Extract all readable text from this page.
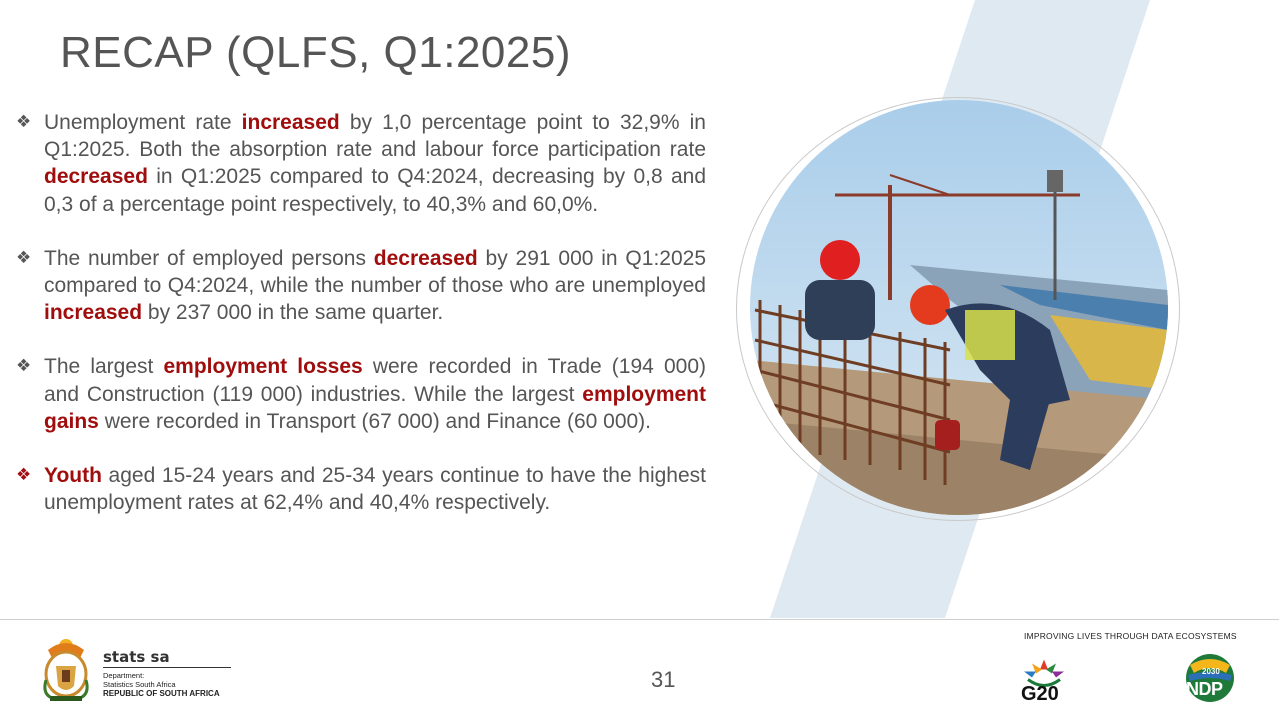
RECAP (QLFS, Q1:2025)
❖ Unemployment rate increased by 1,0 percentage point to 32,9% in Q1:2025. Both the absorption rate and labour force participation rate decreased in Q1:2025 compared to Q4:2024, decreasing by 0,8 and 0,3 of a percentage point respectively, to 40,3% and 60,0%.

❖ The number of employed persons decreased by 291 000 in Q1:2025 compared to Q4:2024, while the number of those who are unemployed increased by 237 000 in the same quarter.

❖ The largest employment losses were recorded in Trade (194 000) and Construction (119 000) industries. While the largest employment gains were recorded in Transport (67 000) and Finance (60 000).

❖ Youth aged 15-24 years and 25-34 years continue to have the highest unemployment rates at 62,4% and 40,4% respectively.

stats sa
Department:
Statistics South Africa
REPUBLIC OF SOUTH AFRICA
31
IMPROVING LIVES THROUGH DATA ECOSYSTEMS
G20
2030
NDP
